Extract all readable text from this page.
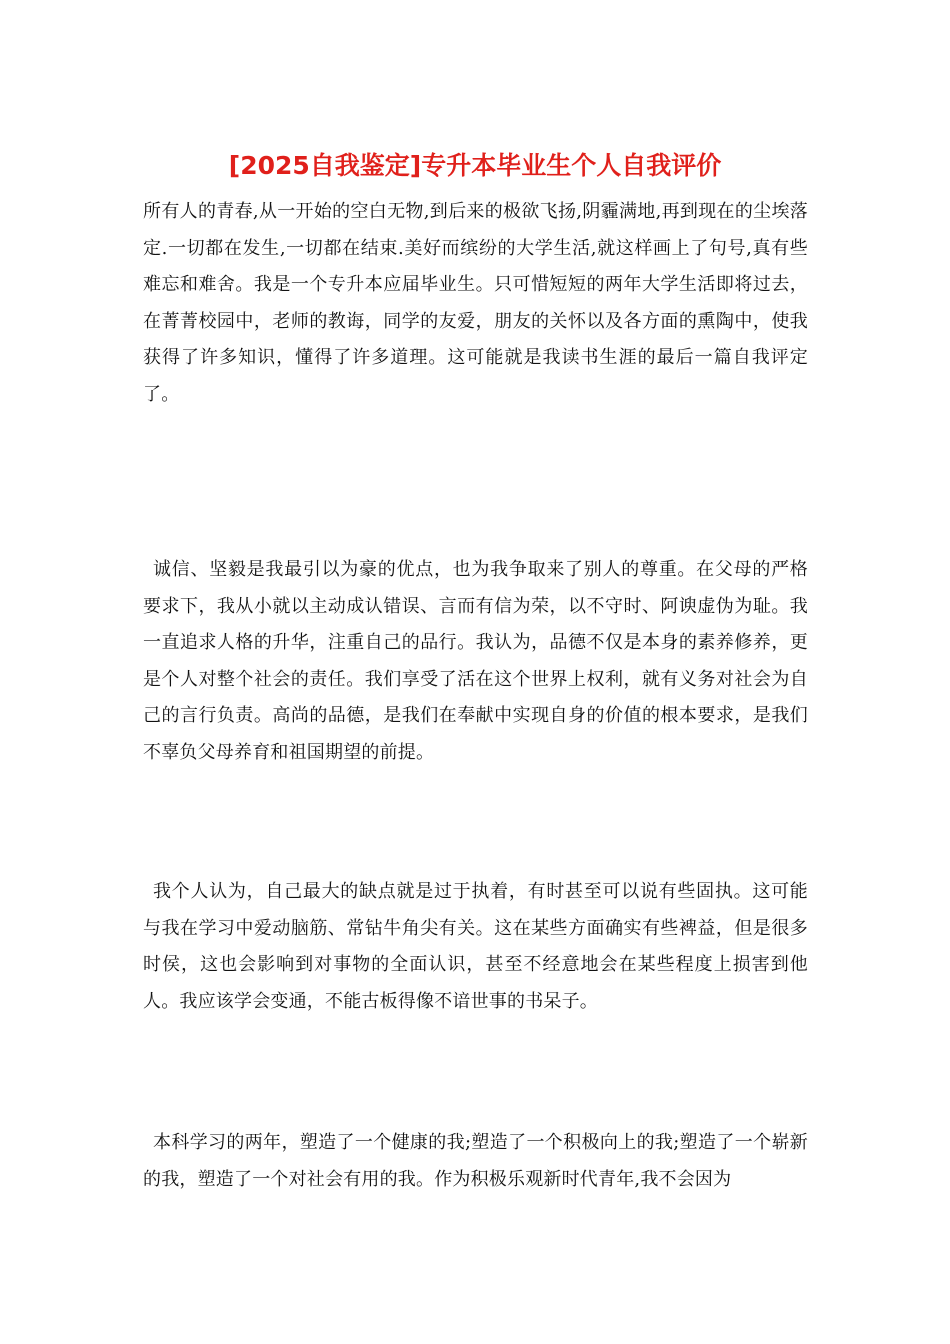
[2025自我鉴定]专升本毕业生个人自我评价

所有人的青春,从一开始的空白无物,到后来的极欲飞扬,阴霾满地,再到现在的尘埃落定.一切都在发生,一切都在结束.美好而缤纷的大学生活,就这样画上了句号,真有些难忘和难舍。我是一个专升本应届毕业生。只可惜短短的两年大学生活即将过去，在菁菁校园中，老师的教诲，同学的友爱，朋友的关怀以及各方面的熏陶中，使我获得了许多知识，懂得了许多道理。这可能就是我读书生涯的最后一篇自我评定了。

诚信、坚毅是我最引以为豪的优点，也为我争取来了别人的尊重。在父母的严格要求下，我从小就以主动成认错误、言而有信为荣，以不守时、阿谀虚伪为耻。我一直追求人格的升华，注重自己的品行。我认为，品德不仅是本身的素养修养，更是个人对整个社会的责任。我们享受了活在这个世界上权利，就有义务对社会为自己的言行负责。高尚的品德，是我们在奉献中实现自身的价值的根本要求，是我们不辜负父母养育和祖国期望的前提。

我个人认为，自己最大的缺点就是过于执着，有时甚至可以说有些固执。这可能与我在学习中爱动脑筋、常钻牛角尖有关。这在某些方面确实有些裨益，但是很多时侯，这也会影响到对事物的全面认识，甚至不经意地会在某些程度上损害到他人。我应该学会变通，不能古板得像不谙世事的书呆子。

本科学习的两年，塑造了一个健康的我;塑造了一个积极向上的我;塑造了一个崭新的我，塑造了一个对社会有用的我。作为积极乐观新时代青年,我不会因为
